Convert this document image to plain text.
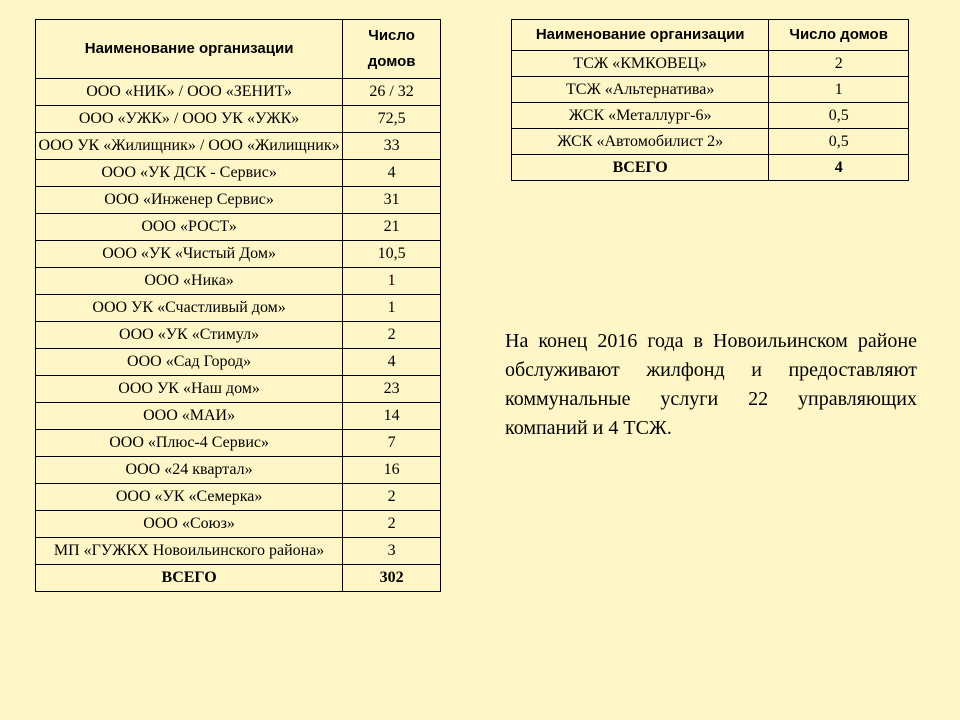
Наименование организации	Число домов
ООО «НИК» / ООО «ЗЕНИТ»	26 / 32
ООО «УЖК» / ООО УК «УЖК»	72,5
ООО УК «Жилищник» / ООО «Жилищник»	33
ООО «УК ДСК - Сервис»	4
ООО «Инженер Сервис»	31
ООО «РОСТ»	21
ООО «УК «Чистый Дом»	10,5
ООО «Ника»	1
ООО УК «Счастливый дом»	1
ООО «УК «Стимул»	2
ООО «Сад Город»	4
ООО УК «Наш дом»	23
ООО «МАИ»	14
ООО «Плюс-4 Сервис»	7
ООО «24 квартал»	16
ООО «УК «Семерка»	2
ООО «Союз»	2
МП «ГУЖКХ Новоильинского района»	3
ВСЕГО	302
Наименование организации	Число домов
ТСЖ «КМКОВЕЦ»	2
ТСЖ «Альтернатива»	1
ЖСК «Металлург-6»	0,5
ЖСК «Автомобилист 2»	0,5
ВСЕГО	4

На конец 2016 года в Новоильинском районе обслуживают жилфонд и предоставляют коммунальные услуги 22 управляющих компаний и 4 ТСЖ.
